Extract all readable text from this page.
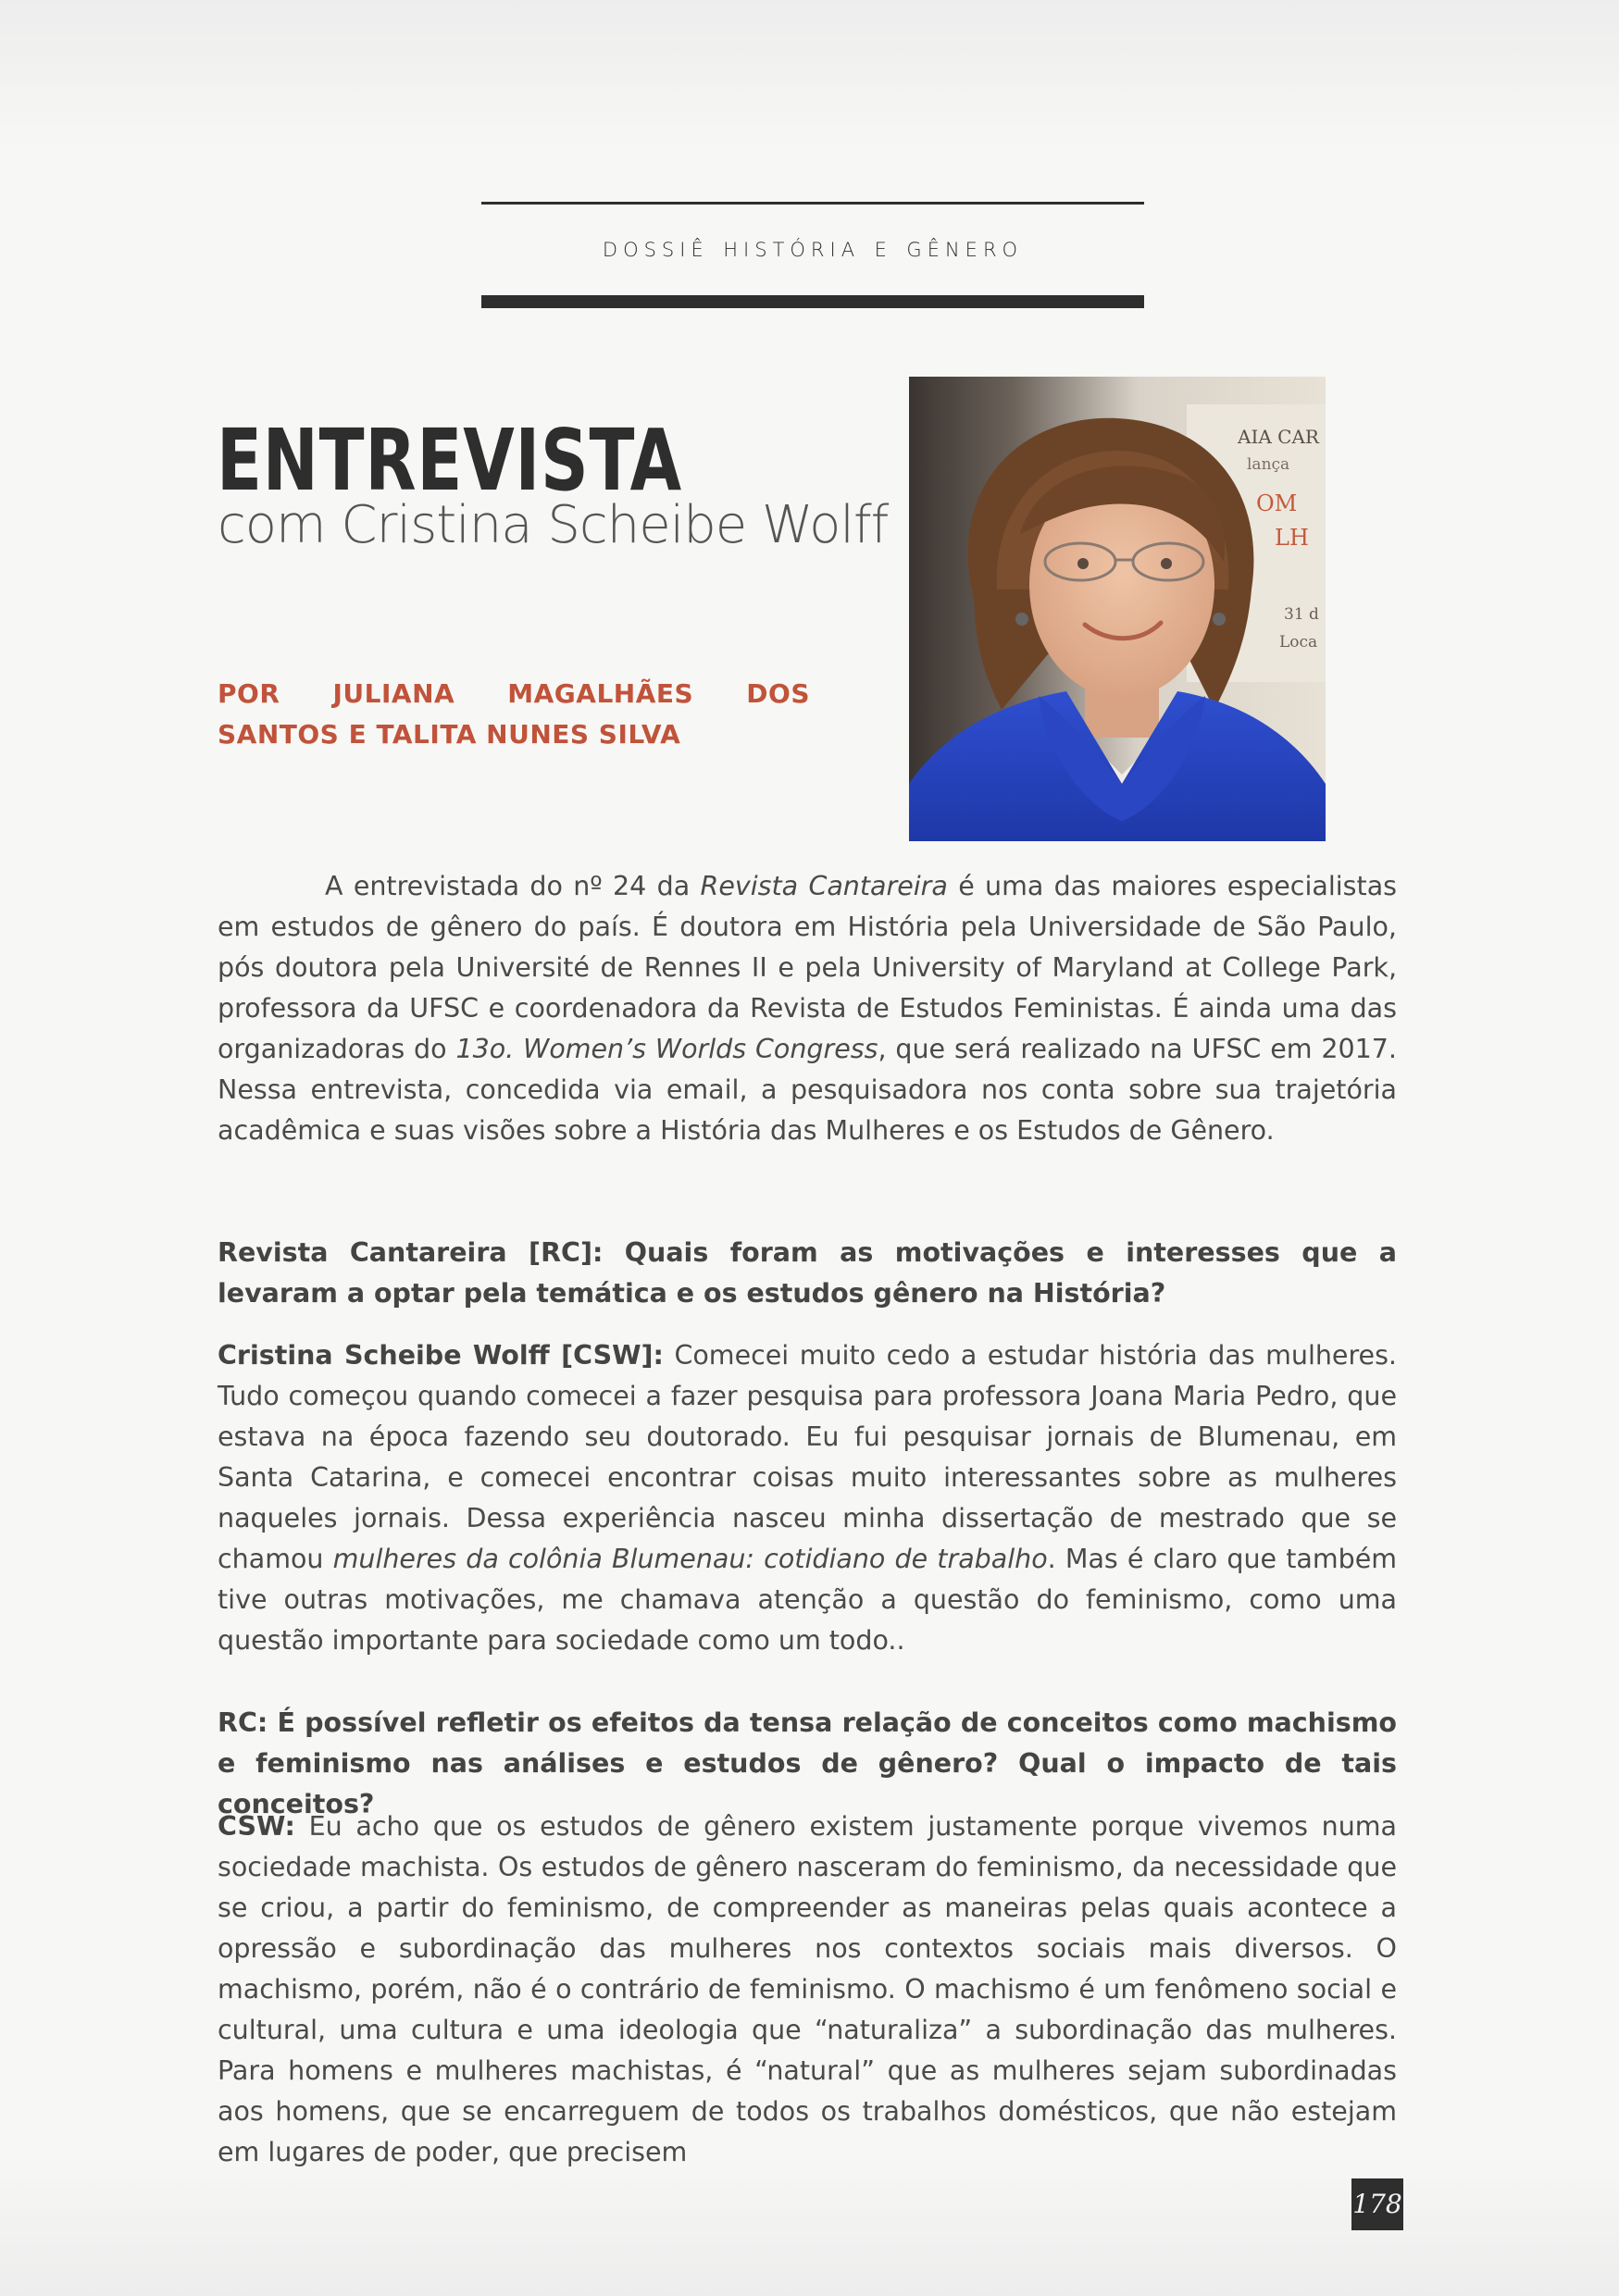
dossiê história e gênero
ENTREVISTA
com Cristina Scheibe Wolff
POR JULIANA MAGALHÃES DOS SANTOS E TALITA NUNES SILVA
AIA CAR
lança
OM
LH
31 d
Loca
A entrevistada do nº 24 da Revista Cantareira é uma das maiores especialistas em estudos de gênero do país. É doutora em História pela Universidade de São Paulo, pós doutora pela Université de Rennes II e pela University of Maryland at College Park, professora da UFSC e coordenadora da Revista de Estudos Feministas. É ainda uma das organizadoras do 13o. Women’s Worlds Congress, que será realizado na UFSC em 2017. Nessa entrevista, concedida via email, a pesquisadora nos conta sobre sua trajetória acadêmica e suas visões sobre a História das Mulheres e os Estudos de Gênero.
Revista Cantareira [RC]: Quais foram as motivações e interesses que a levaram a optar pela temática e os estudos gênero na História?
Cristina Scheibe Wolff [CSW]: Comecei muito cedo a estudar história das mulheres. Tudo começou quando comecei a fazer pesquisa para professora Joana Maria Pedro, que estava na época fazendo seu doutorado. Eu fui pesquisar jornais de Blumenau, em Santa Catarina, e comecei encontrar coisas muito interessantes sobre as mulheres naqueles jornais. Dessa experiência nasceu minha dissertação de mestrado que se chamou mulheres da colônia Blumenau: cotidiano de trabalho. Mas é claro que também tive outras motivações, me chamava atenção a questão do feminismo, como uma questão importante para sociedade como um todo..
RC: É possível refletir os efeitos da tensa relação de conceitos como machismo e feminismo nas análises e estudos de gênero? Qual o impacto de tais conceitos?
CSW: Eu acho que os estudos de gênero existem justamente porque vivemos numa sociedade machista. Os estudos de gênero nasceram do feminismo, da necessidade que se criou, a partir do feminismo, de compreender as maneiras pelas quais acontece a opressão e subordinação das mulheres nos contextos sociais mais diversos. O machismo, porém, não é o contrário de feminismo. O machismo é um fenômeno social e cultural, uma cultura e uma ideologia que “naturaliza” a subordinação das mulheres. Para homens e mulheres machistas, é “natural” que as mulheres sejam subordinadas aos homens, que se encarreguem de todos os trabalhos domésticos, que não estejam em lugares de poder, que precisem
178
